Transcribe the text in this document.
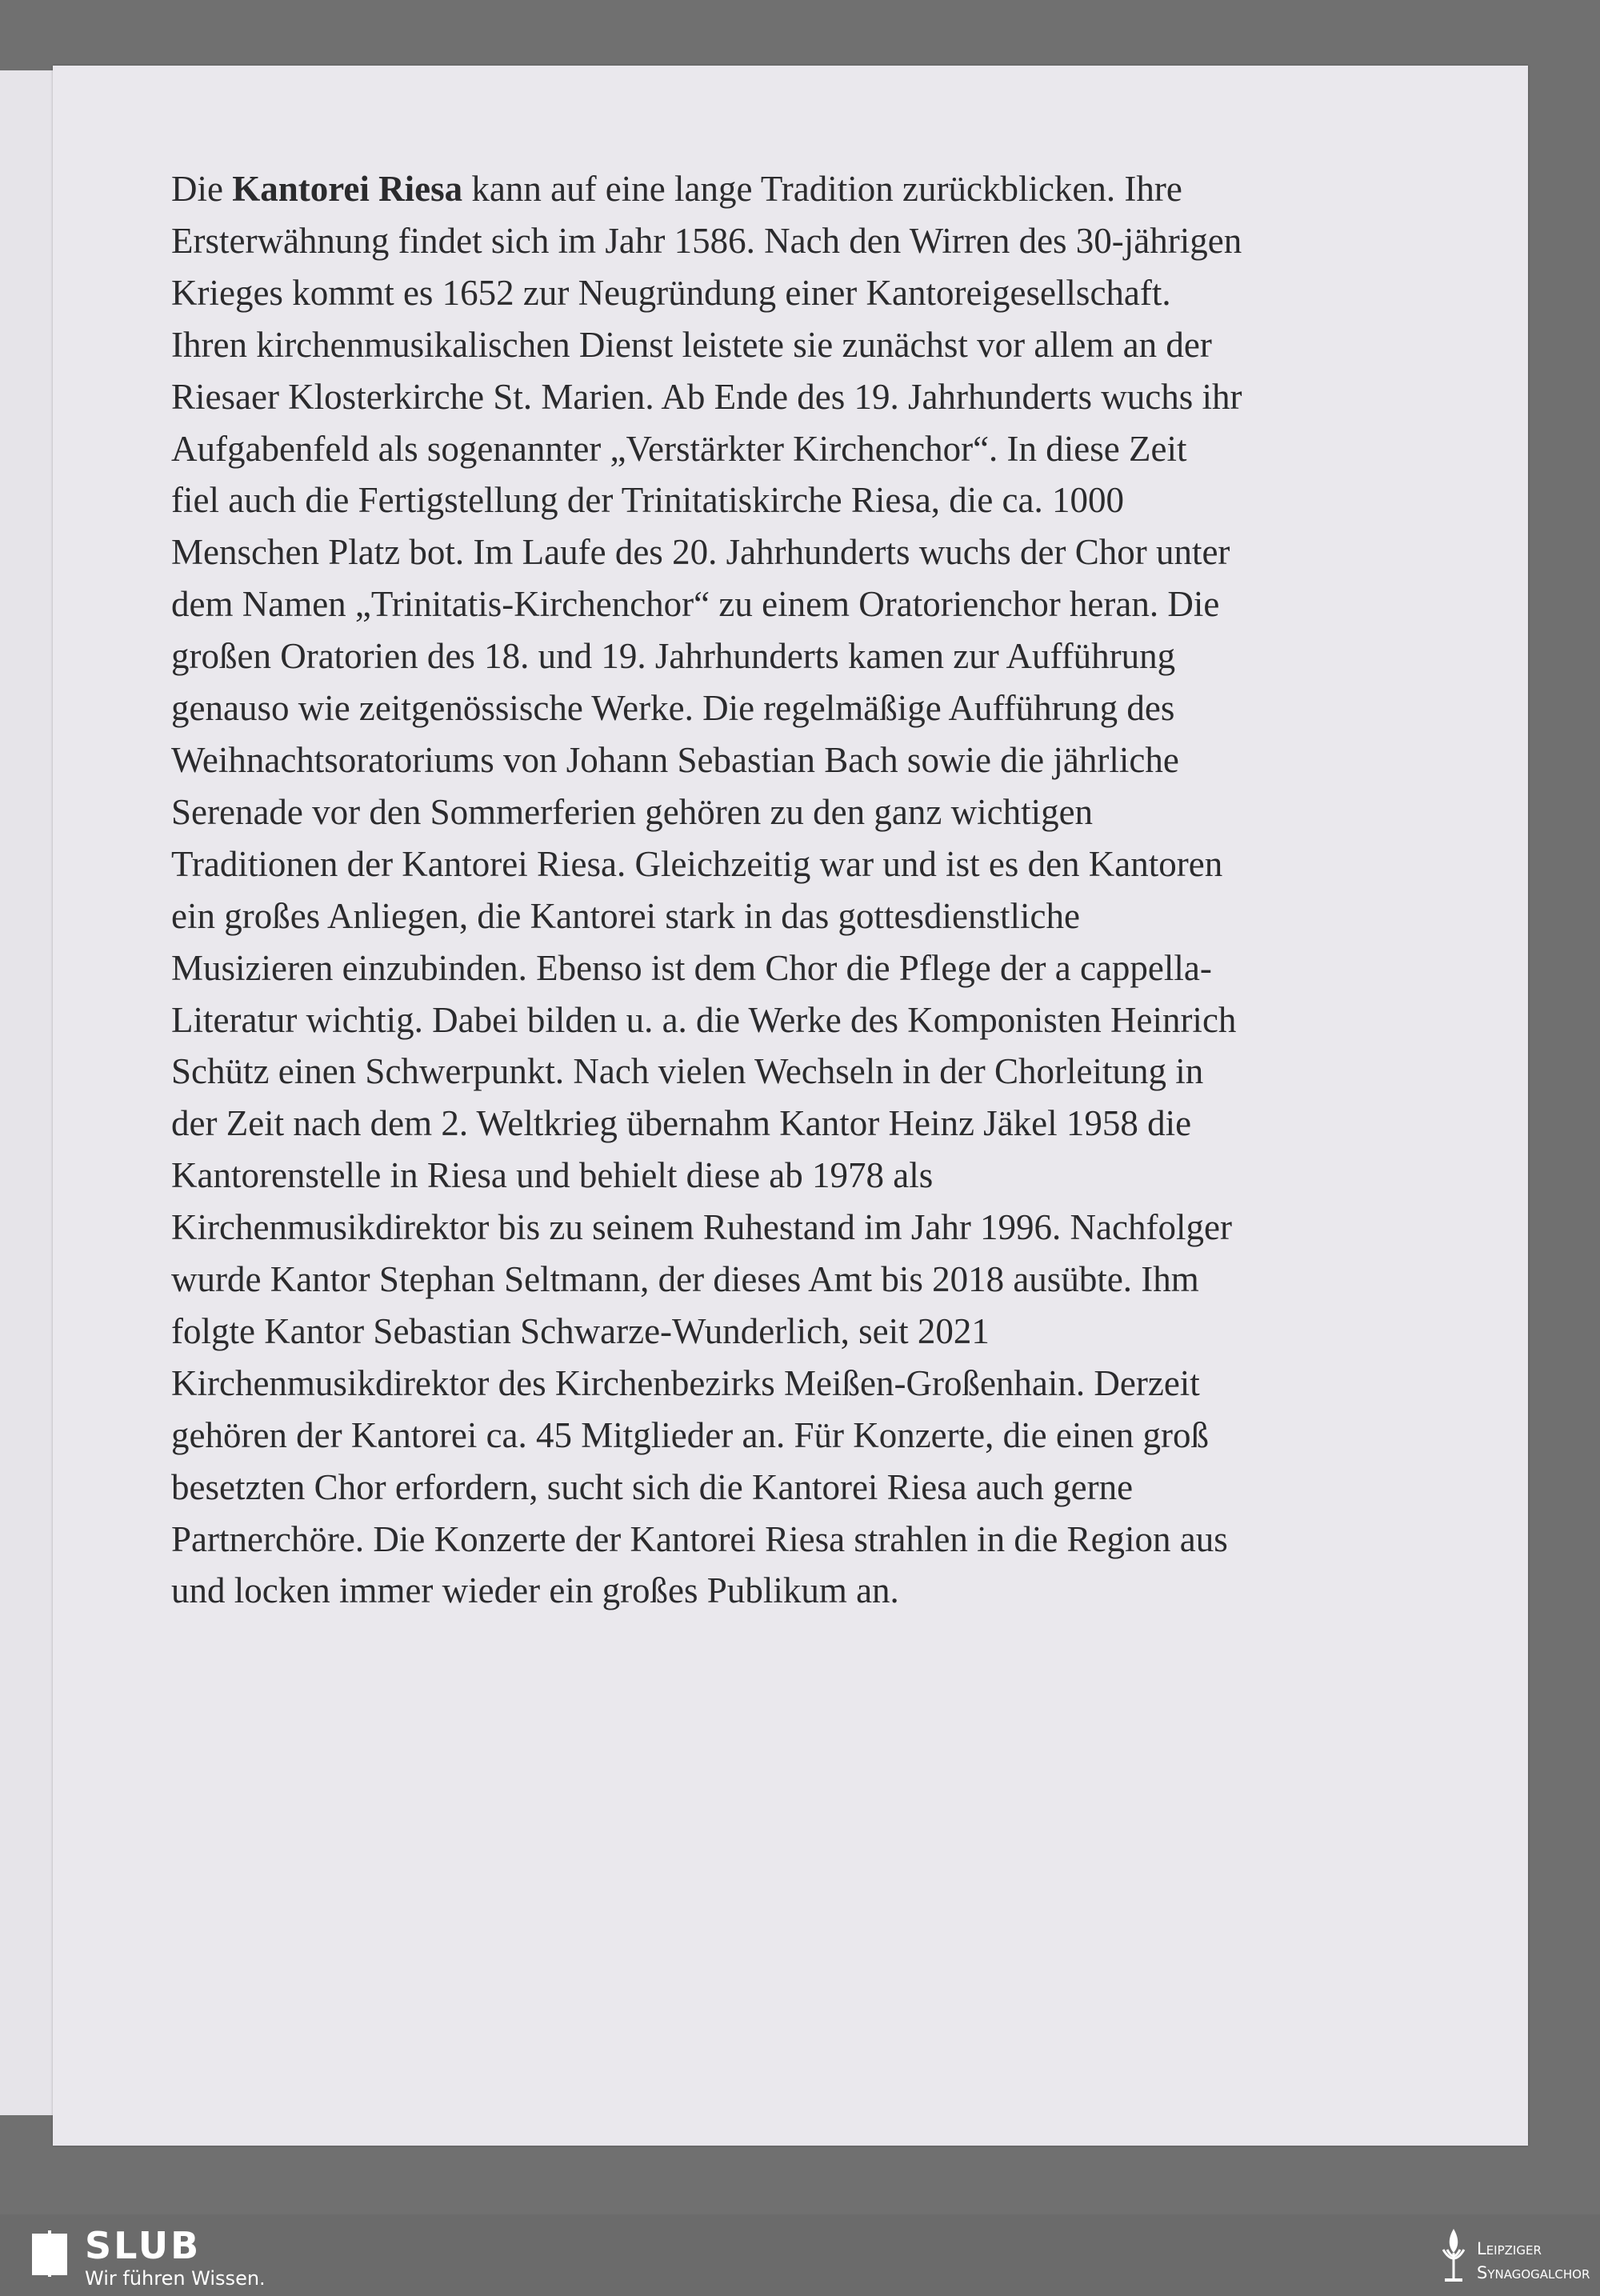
Die Kantorei Riesa kann auf eine lange Tradition zurückblicken. Ihre
Ersterwähnung findet sich im Jahr 1586. Nach den Wirren des 30-jährigen
Krieges kommt es 1652 zur Neugründung einer Kantoreigesellschaft.
Ihren kirchenmusikalischen Dienst leistete sie zunächst vor allem an der
Riesaer Klosterkirche St. Marien. Ab Ende des 19. Jahrhunderts wuchs ihr
Aufgabenfeld als sogenannter „Verstärkter Kirchenchor“. In diese Zeit
fiel auch die Fertigstellung der Trinitatiskirche Riesa, die ca. 1000
Menschen Platz bot. Im Laufe des 20. Jahrhunderts wuchs der Chor unter
dem Namen „Trinitatis-Kirchenchor“ zu einem Oratorienchor heran. Die
großen Oratorien des 18. und 19. Jahrhunderts kamen zur Aufführung
genauso wie zeitgenössische Werke. Die regelmäßige Aufführung des
Weihnachtsoratoriums von Johann Sebastian Bach sowie die jährliche
Serenade vor den Sommerferien gehören zu den ganz wichtigen
Traditionen der Kantorei Riesa. Gleichzeitig war und ist es den Kantoren
ein großes Anliegen, die Kantorei stark in das gottesdienstliche
Musizieren einzubinden. Ebenso ist dem Chor die Pflege der a cappella-
Literatur wichtig. Dabei bilden u. a. die Werke des Komponisten Heinrich
Schütz einen Schwerpunkt. Nach vielen Wechseln in der Chorleitung in
der Zeit nach dem 2. Weltkrieg übernahm Kantor Heinz Jäkel 1958 die
Kantorenstelle in Riesa und behielt diese ab 1978 als
Kirchenmusikdirektor bis zu seinem Ruhestand im Jahr 1996. Nachfolger
wurde Kantor Stephan Seltmann, der dieses Amt bis 2018 ausübte. Ihm
folgte Kantor Sebastian Schwarze-Wunderlich, seit 2021
Kirchenmusikdirektor des Kirchenbezirks Meißen-Großenhain. Derzeit
gehören der Kantorei ca. 45 Mitglieder an. Für Konzerte, die einen groß
besetzten Chor erfordern, sucht sich die Kantorei Riesa auch gerne
Partnerchöre. Die Konzerte der Kantorei Riesa strahlen in die Region aus
und locken immer wieder ein großes Publikum an.
SLUB
Wir führen Wissen.
Leipziger
Synagogalchor
